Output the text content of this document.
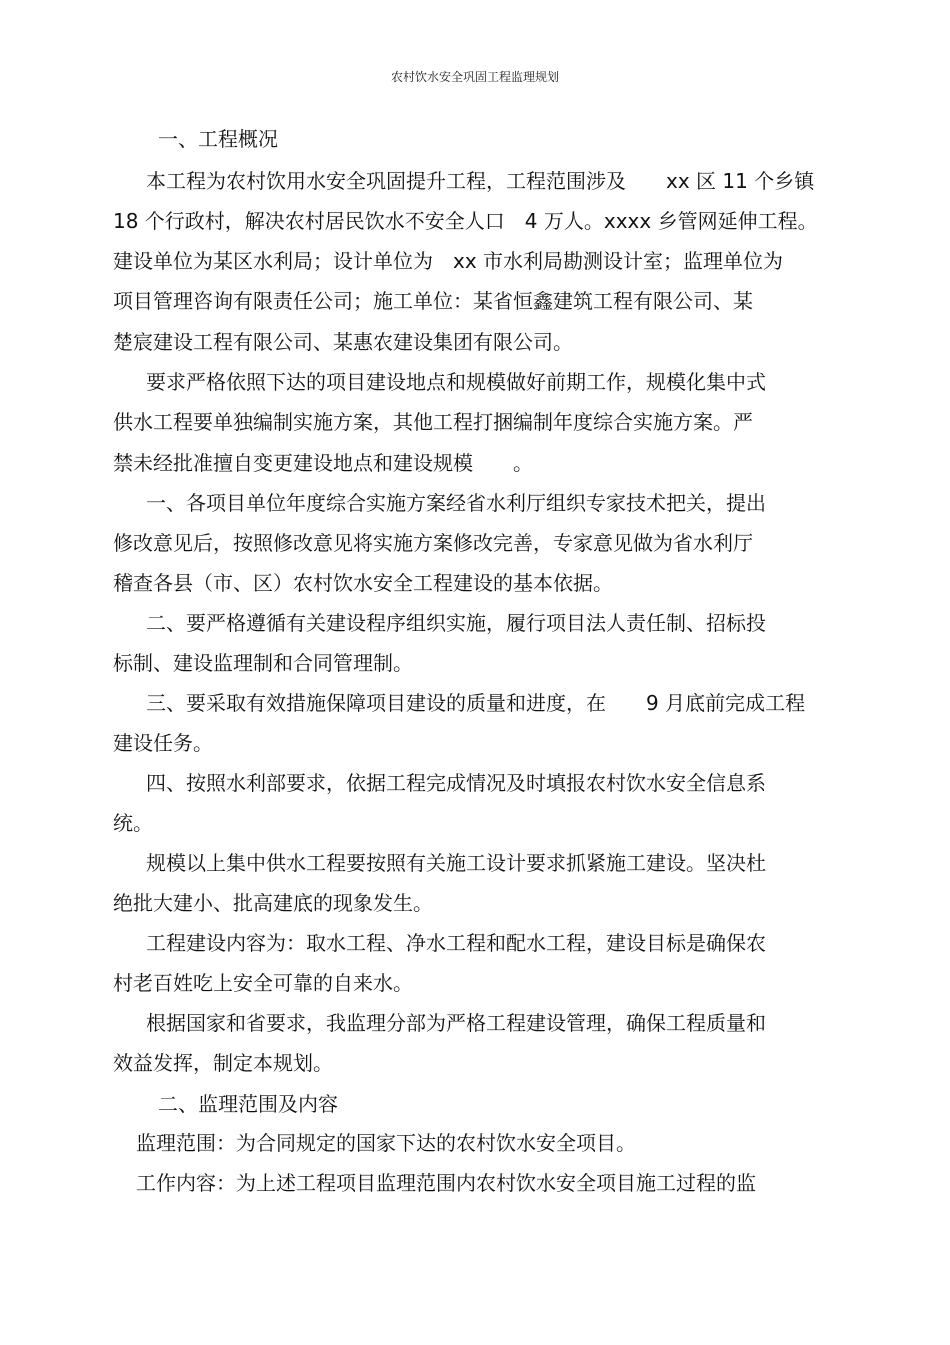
农村饮水安全巩固工程监理规划
一、工程概况
本工程为农村饮用水安全巩固提升工程，工程范围涉及　　xx 区 11 个乡镇
18 个行政村，解决农村居民饮水不安全人口　4 万人。xxxx 乡管网延伸工程。
建设单位为某区水利局；设计单位为　xx 市水利局勘测设计室；监理单位为
项目管理咨询有限责任公司；施工单位：某省恒鑫建筑工程有限公司、某
楚宸建设工程有限公司、某惠农建设集团有限公司。
要求严格依照下达的项目建设地点和规模做好前期工作，规模化集中式
供水工程要单独编制实施方案，其他工程打捆编制年度综合实施方案。严
禁未经批准擅自变更建设地点和建设规模　　。
一、各项目单位年度综合实施方案经省水利厅组织专家技术把关，提出
修改意见后，按照修改意见将实施方案修改完善，专家意见做为省水利厅
稽查各县（市、区）农村饮水安全工程建设的基本依据。
二、要严格遵循有关建设程序组织实施，履行项目法人责任制、招标投
标制、建设监理制和合同管理制。
三、要采取有效措施保障项目建设的质量和进度，在　　9 月底前完成工程
建设任务。
四、按照水利部要求，依据工程完成情况及时填报农村饮水安全信息系
统。
规模以上集中供水工程要按照有关施工设计要求抓紧施工建设。坚决杜
绝批大建小、批高建底的现象发生。
工程建设内容为：取水工程、净水工程和配水工程，建设目标是确保农
村老百姓吃上安全可靠的自来水。
根据国家和省要求，我监理分部为严格工程建设管理，确保工程质量和
效益发挥，制定本规划。
二、监理范围及内容
监理范围：为合同规定的国家下达的农村饮水安全项目。
工作内容：为上述工程项目监理范围内农村饮水安全项目施工过程的监
